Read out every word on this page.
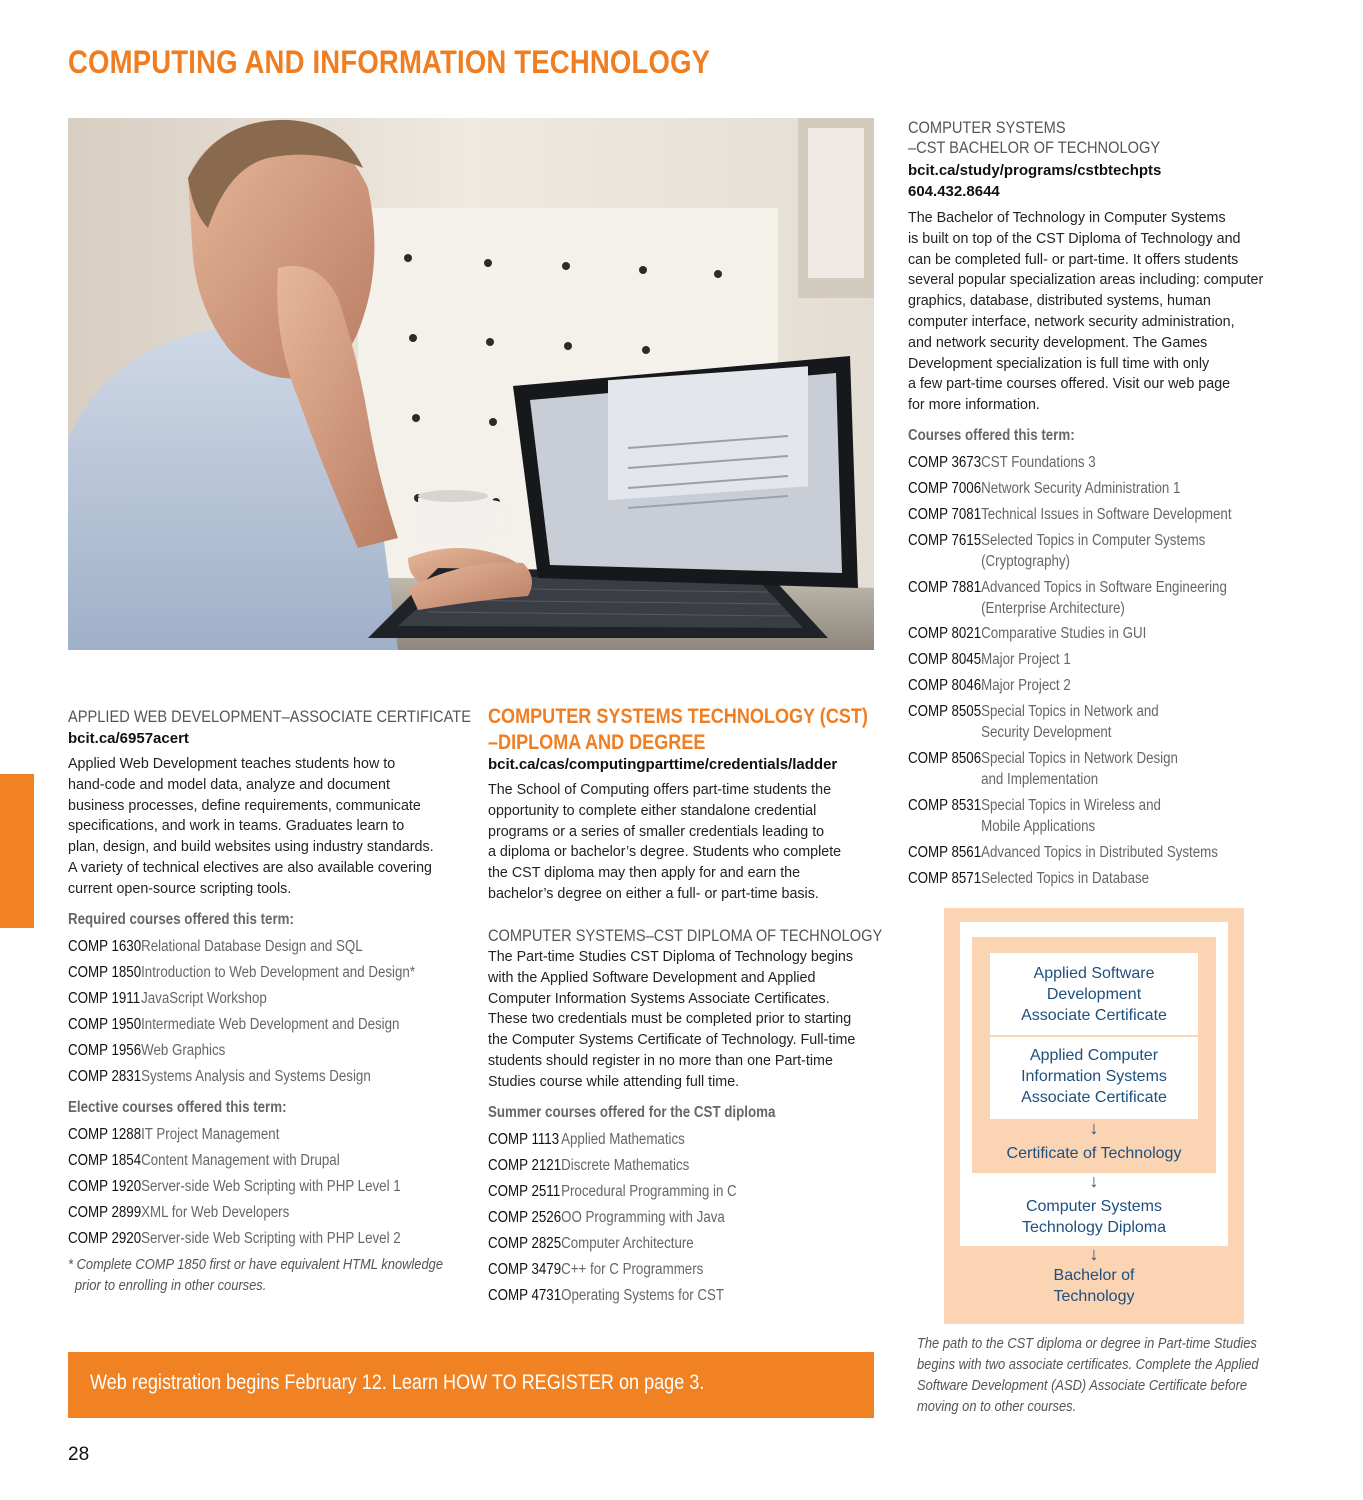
COMPUTING AND INFORMATION TECHNOLOGY
APPLIED WEB DEVELOPMENT–ASSOCIATE CERTIFICATE
bcit.ca/6957acert
Applied Web Development teaches students how to
hand-code and model data, analyze and document
business processes, define requirements, communicate
specifications, and work in teams. Graduates learn to
plan, design, and build websites using industry standards.
A variety of technical electives are also available covering
current open-source scripting tools.
Required courses offered this term:
COMP 1630 Relational Database Design and SQL
COMP 1850 Introduction to Web Development and Design*
COMP 1911 JavaScript Workshop
COMP 1950 Intermediate Web Development and Design
COMP 1956 Web Graphics
COMP 2831 Systems Analysis and Systems Design
Elective courses offered this term:
COMP 1288 IT Project Management
COMP 1854 Content Management with Drupal
COMP 1920 Server-side Web Scripting with PHP Level 1
COMP 2899 XML for Web Developers
COMP 2920 Server-side Web Scripting with PHP Level 2
* Complete COMP 1850 first or have equivalent HTML knowledge
prior to enrolling in other courses.
COMPUTER SYSTEMS TECHNOLOGY (CST)
–DIPLOMA AND DEGREE
bcit.ca/cas/computingparttime/credentials/ladder
The School of Computing offers part-time students the
opportunity to complete either standalone credential
programs or a series of smaller credentials leading to
a diploma or bachelor’s degree. Students who complete
the CST diploma may then apply for and earn the
bachelor’s degree on either a full- or part-time basis.
COMPUTER SYSTEMS–CST DIPLOMA OF TECHNOLOGY
The Part-time Studies CST Diploma of Technology begins
with the Applied Software Development and Applied
Computer Information Systems Associate Certificates.
These two credentials must be completed prior to starting
the Computer Systems Certificate of Technology. Full-time
students should register in no more than one Part-time
Studies course while attending full time.
Summer courses offered for the CST diploma
COMP 1113 Applied Mathematics
COMP 2121 Discrete Mathematics
COMP 2511 Procedural Programming in C
COMP 2526 OO Programming with Java
COMP 2825 Computer Architecture
COMP 3479 C++ for C Programmers
COMP 4731 Operating Systems for CST
COMPUTER SYSTEMS
–CST BACHELOR OF TECHNOLOGY
bcit.ca/study/programs/cstbtechpts
604.432.8644
The Bachelor of Technology in Computer Systems
is built on top of the CST Diploma of Technology and
can be completed full- or part-time. It offers students
several popular specialization areas including: computer
graphics, database, distributed systems, human
computer interface, network security administration,
and network security development. The Games
Development specialization is full time with only
a few part-time courses offered. Visit our web page
for more information.
Courses offered this term:
COMP 3673 CST Foundations 3
COMP 7006 Network Security Administration 1
COMP 7081 Technical Issues in Software Development
COMP 7615 Selected Topics in Computer Systems
(Cryptography)
COMP 7881 Advanced Topics in Software Engineering
(Enterprise Architecture)
COMP 8021 Comparative Studies in GUI
COMP 8045 Major Project 1
COMP 8046 Major Project 2
COMP 8505 Special Topics in Network and
Security Development
COMP 8506 Special Topics in Network Design
and Implementation
COMP 8531 Special Topics in Wireless and
Mobile Applications
COMP 8561 Advanced Topics in Distributed Systems
COMP 8571 Selected Topics in Database
Applied Software
Development
Associate Certificate
Applied Computer
Information Systems
Associate Certificate
↓
Certificate of Technology
↓
Computer Systems
Technology Diploma
↓
Bachelor of
Technology
The path to the CST diploma or degree in Part-time Studies
begins with two associate certificates. Complete the Applied
Software Development (ASD) Associate Certificate before
moving on to other courses.
Web registration begins February 12. Learn HOW TO REGISTER on page 3.
28
